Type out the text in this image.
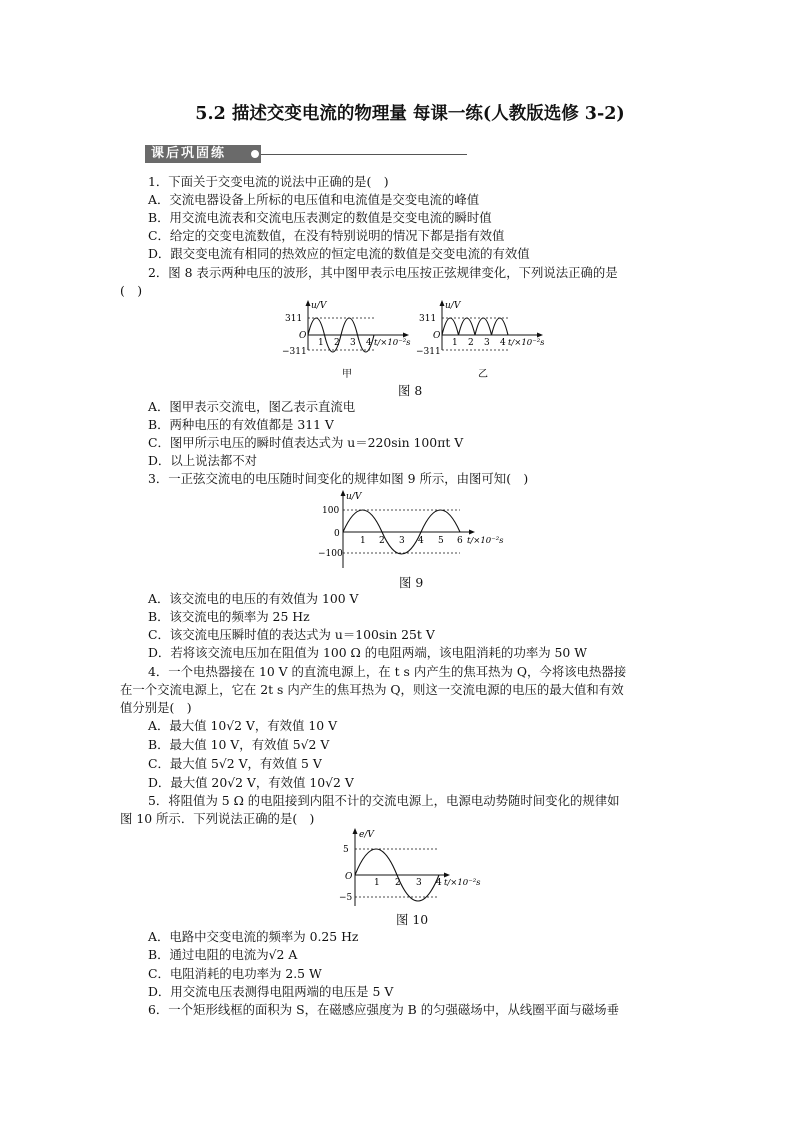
5.2 描述交变电流的物理量 每课一练(人教版选修 3-2)
课后巩固练
1．下面关于交变电流的说法中正确的是(　)
A．交流电器设备上所标的电压值和电流值是交变电流的峰值
B．用交流电流表和交流电压表测定的数值是交变电流的瞬时值
C．给定的交变电流数值，在没有特别说明的情况下都是指有效值
D．跟交变电流有相同的热效应的恒定电流的数值是交变电流的有效值
2．图 8 表示两种电压的波形，其中图甲表示电压按正弦规律变化，下列说法正确的是
(　)
u/V
311
−311
O
1 2 3 4 t/×10⁻²s
甲
u/V
311
−311
O
1 2 3 4 t/×10⁻²s
乙
图 8
A．图甲表示交流电，图乙表示直流电
B．两种电压的有效值都是 311 V
C．图甲所示电压的瞬时值表达式为 u＝220sin 100πt V
D．以上说法都不对
3．一正弦交流电的电压随时间变化的规律如图 9 所示，由图可知(　)
u/V
100
−100
0
1 2 3 4 5 6 t/×10⁻²s
图 9
A．该交流电的电压的有效值为 100 V
B．该交流电的频率为 25 Hz
C．该交流电压瞬时值的表达式为 u＝100sin 25t V
D．若将该交流电压加在阻值为 100 Ω 的电阻两端，该电阻消耗的功率为 50 W
4．一个电热器接在 10 V 的直流电源上，在 t s 内产生的焦耳热为 Q，今将该电热器接
在一个交流电源上，它在 2t s 内产生的焦耳热为 Q，则这一交流电源的电压的最大值和有效
值分别是(　)
A．最大值 10√2 V，有效值 10 V
B．最大值 10 V，有效值 5√2 V
C．最大值 5√2 V，有效值 5 V
D．最大值 20√2 V，有效值 10√2 V
5．将阻值为 5 Ω 的电阻接到内阻不计的交流电源上，电源电动势随时间变化的规律如
图 10 所示．下列说法正确的是(　)
e/V
5
−5
O
1 2 3 4 t/×10⁻²s
图 10
A．电路中交变电流的频率为 0.25 Hz
B．通过电阻的电流为√2 A
C．电阻消耗的电功率为 2.5 W
D．用交流电压表测得电阻两端的电压是 5 V
6．一个矩形线框的面积为 S，在磁感应强度为 B 的匀强磁场中，从线圈平面与磁场垂
